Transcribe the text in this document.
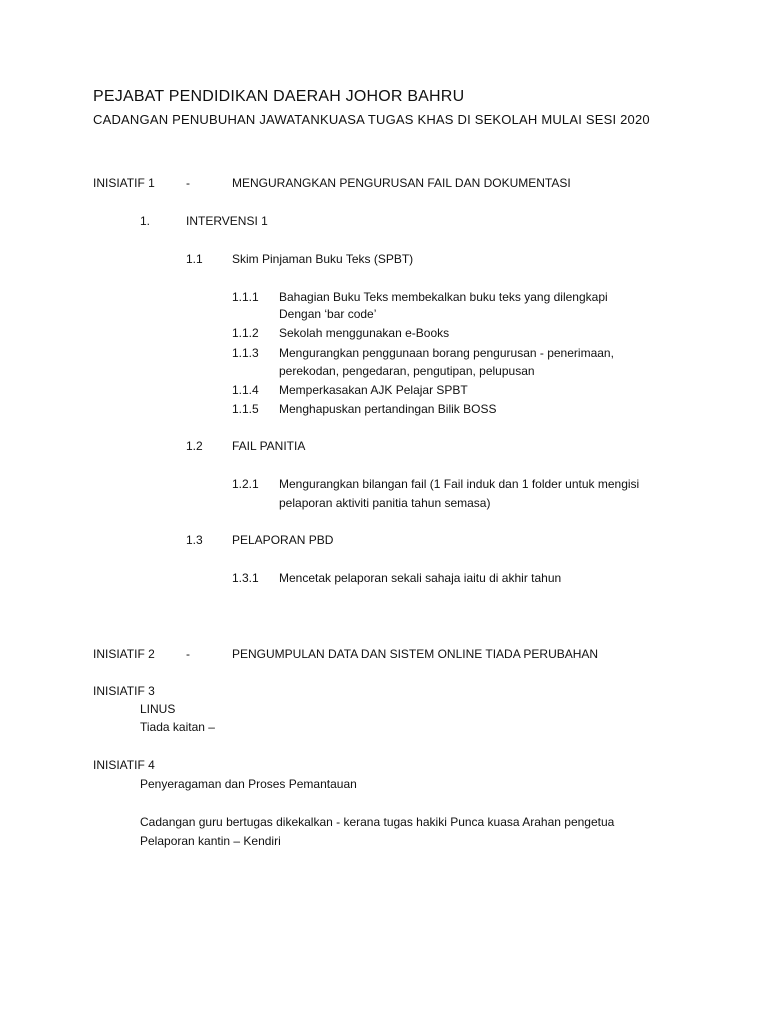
PEJABAT PENDIDIKAN DAERAH JOHOR BAHRU
CADANGAN PENUBUHAN JAWATANKUASA TUGAS KHAS DI SEKOLAH MULAI SESI 2020
INISIATIF 1	-	MENGURANGKAN PENGURUSAN FAIL DAN DOKUMENTASI
1.	INTERVENSI 1
1.1 Skim Pinjaman Buku Teks (SPBT)
1.1.1 Bahagian Buku Teks membekalkan buku teks yang dilengkapi
Dengan ‘bar code’
1.1.2 Sekolah menggunakan e-Books
1.1.3 Mengurangkan penggunaan borang pengurusan - penerimaan,
perekodan, pengedaran, pengutipan, pelupusan
1.1.4 Memperkasakan AJK Pelajar SPBT
1.1.5 Menghapuskan pertandingan Bilik BOSS
1.2 FAIL PANITIA
1.2.1 Mengurangkan bilangan fail (1 Fail induk dan 1 folder untuk mengisi
pelaporan aktiviti panitia tahun semasa)
1.3 PELAPORAN PBD
1.3.1 Mencetak pelaporan sekali sahaja iaitu di akhir tahun
INISIATIF 2	-	PENGUMPULAN DATA DAN SISTEM ONLINE TIADA PERUBAHAN
INISIATIF 3
LINUS
Tiada kaitan –
INISIATIF 4
Penyeragaman dan Proses Pemantauan
Cadangan guru bertugas dikekalkan - kerana tugas hakiki Punca kuasa Arahan pengetua
Pelaporan kantin – Kendiri
